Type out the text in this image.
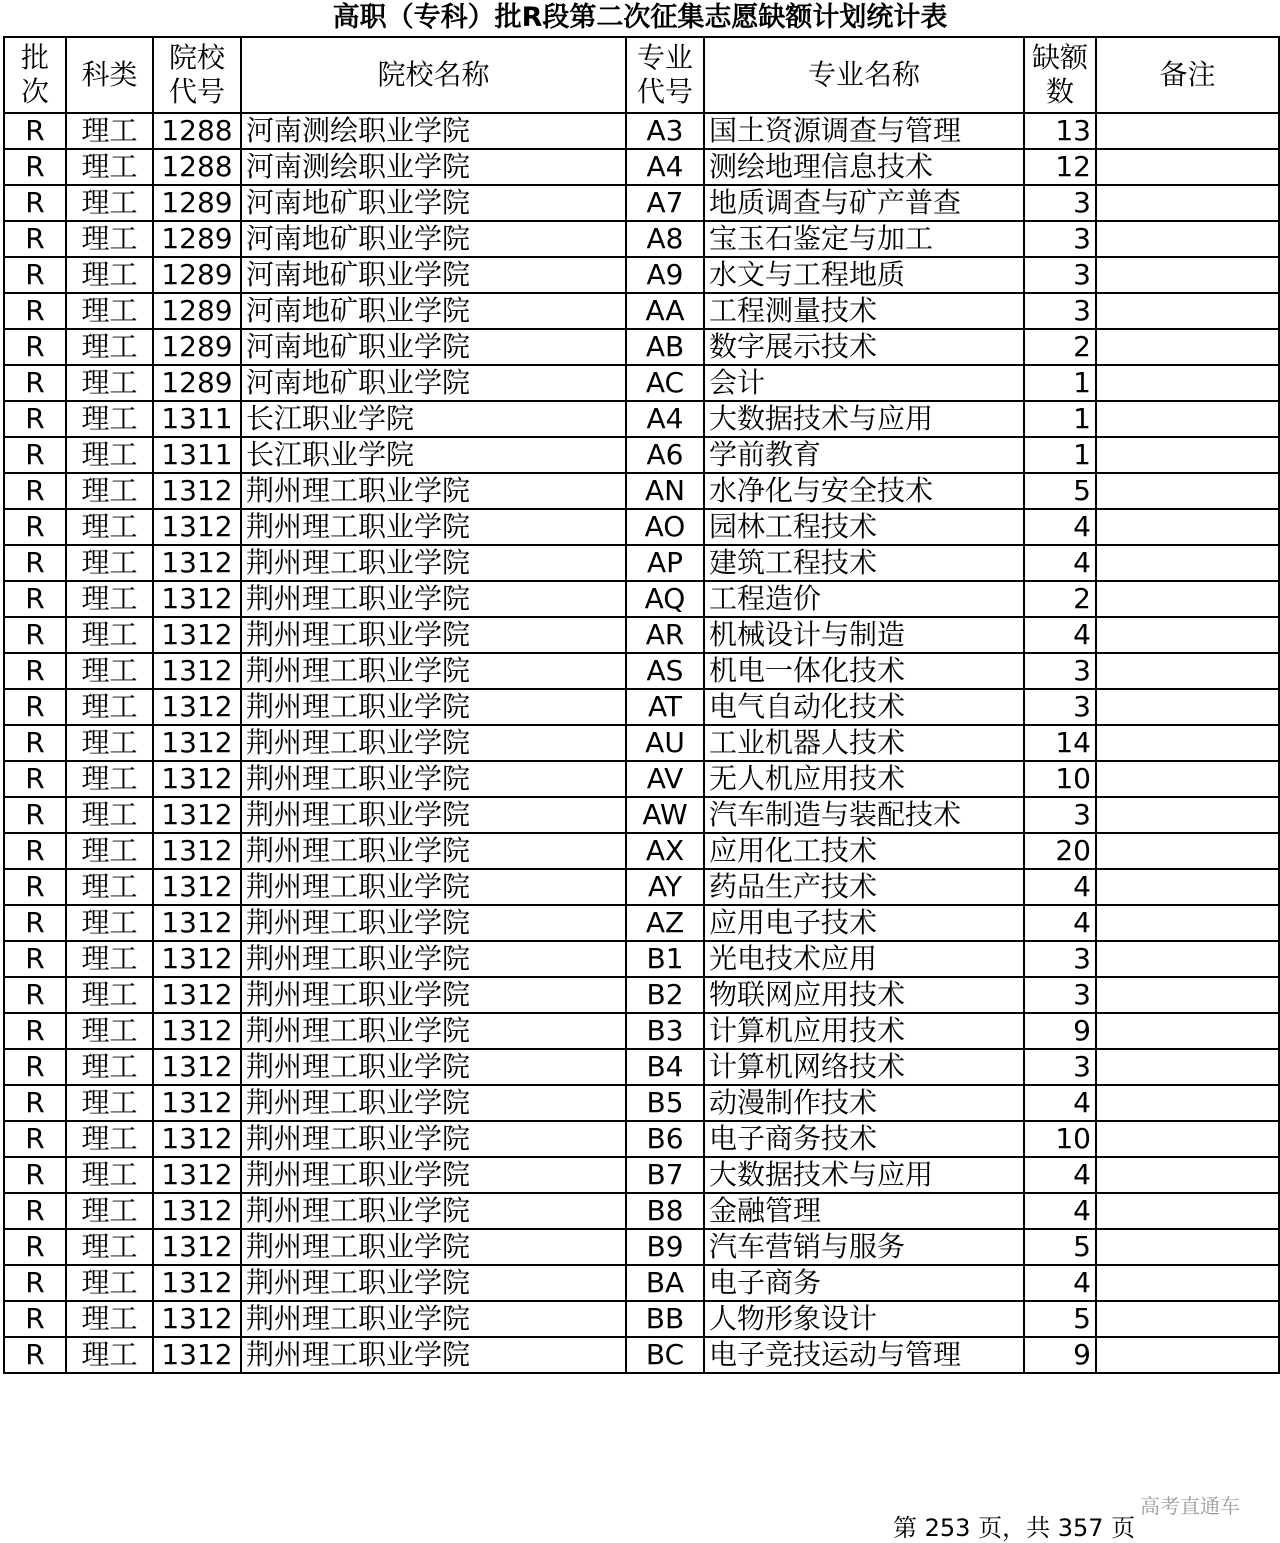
高职（专科）批R段第二次征集志愿缺额计划统计表
批次	科类	院校代号	院校名称	专业代号	专业名称	缺额数	备注
R	理工	1288	河南测绘职业学院	A3	国土资源调查与管理	13	
R	理工	1288	河南测绘职业学院	A4	测绘地理信息技术	12	
R	理工	1289	河南地矿职业学院	A7	地质调查与矿产普查	3	
R	理工	1289	河南地矿职业学院	A8	宝玉石鉴定与加工	3	
R	理工	1289	河南地矿职业学院	A9	水文与工程地质	3	
R	理工	1289	河南地矿职业学院	AA	工程测量技术	3	
R	理工	1289	河南地矿职业学院	AB	数字展示技术	2	
R	理工	1289	河南地矿职业学院	AC	会计	1	
R	理工	1311	长江职业学院	A4	大数据技术与应用	1	
R	理工	1311	长江职业学院	A6	学前教育	1	
R	理工	1312	荆州理工职业学院	AN	水净化与安全技术	5	
R	理工	1312	荆州理工职业学院	AO	园林工程技术	4	
R	理工	1312	荆州理工职业学院	AP	建筑工程技术	4	
R	理工	1312	荆州理工职业学院	AQ	工程造价	2	
R	理工	1312	荆州理工职业学院	AR	机械设计与制造	4	
R	理工	1312	荆州理工职业学院	AS	机电一体化技术	3	
R	理工	1312	荆州理工职业学院	AT	电气自动化技术	3	
R	理工	1312	荆州理工职业学院	AU	工业机器人技术	14	
R	理工	1312	荆州理工职业学院	AV	无人机应用技术	10	
R	理工	1312	荆州理工职业学院	AW	汽车制造与装配技术	3	
R	理工	1312	荆州理工职业学院	AX	应用化工技术	20	
R	理工	1312	荆州理工职业学院	AY	药品生产技术	4	
R	理工	1312	荆州理工职业学院	AZ	应用电子技术	4	
R	理工	1312	荆州理工职业学院	B1	光电技术应用	3	
R	理工	1312	荆州理工职业学院	B2	物联网应用技术	3	
R	理工	1312	荆州理工职业学院	B3	计算机应用技术	9	
R	理工	1312	荆州理工职业学院	B4	计算机网络技术	3	
R	理工	1312	荆州理工职业学院	B5	动漫制作技术	4	
R	理工	1312	荆州理工职业学院	B6	电子商务技术	10	
R	理工	1312	荆州理工职业学院	B7	大数据技术与应用	4	
R	理工	1312	荆州理工职业学院	B8	金融管理	4	
R	理工	1312	荆州理工职业学院	B9	汽车营销与服务	5	
R	理工	1312	荆州理工职业学院	BA	电子商务	4	
R	理工	1312	荆州理工职业学院	BB	人物形象设计	5	
R	理工	1312	荆州理工职业学院	BC	电子竞技运动与管理	9	
高考直通车
第 253 页，共 357 页
